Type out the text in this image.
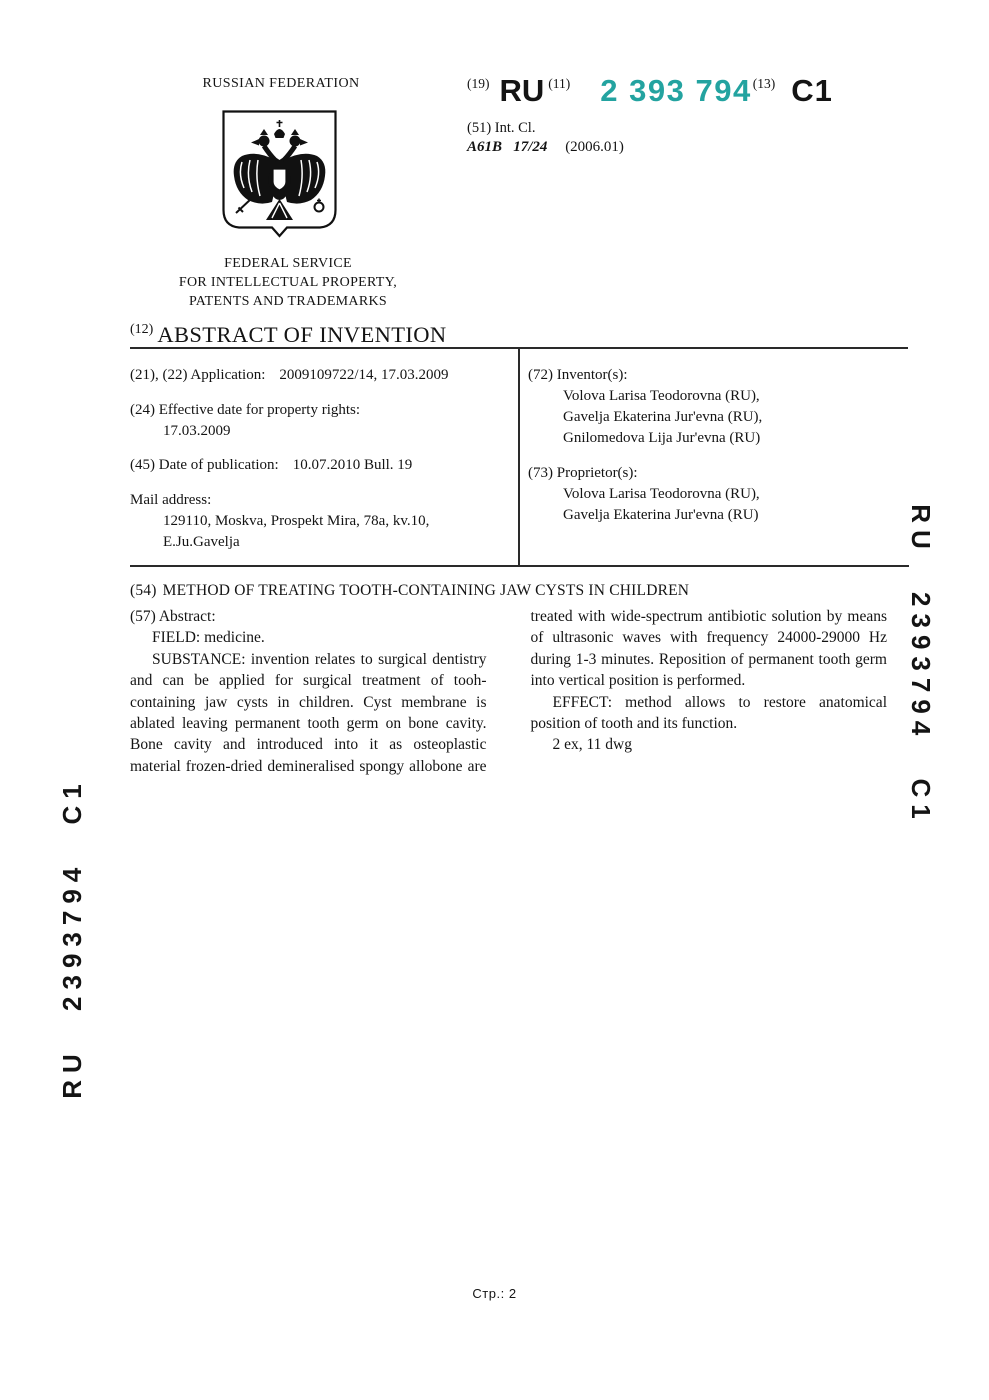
RUSSIAN FEDERATION
FEDERAL SERVICE
FOR INTELLECTUAL PROPERTY,
PATENTS AND TRADEMARKS
(19) RU (11) 2 393 794 (13) C1
(51) Int. Cl.
A61B   17/24 (2006.01)
(12) ABSTRACT OF INVENTION
(21), (22) Application: 2009109722/14, 17.03.2009
(24) Effective date for property rights:
17.03.2009
(45) Date of publication: 10.07.2010 Bull. 19
Mail address:
129110, Moskva, Prospekt Mira, 78a, kv.10,
E.Ju.Gavelja
(72) Inventor(s):
Volova Larisa Teodorovna (RU),
Gavelja Ekaterina Jur'evna (RU),
Gnilomedova Lija Jur'evna (RU)
(73) Proprietor(s):
Volova Larisa Teodorovna (RU),
Gavelja Ekaterina Jur'evna (RU)
(54) METHOD OF TREATING TOOTH-CONTAINING JAW CYSTS IN CHILDREN

(57) Abstract:

FIELD: medicine.

SUBSTANCE: invention relates to surgical dentistry and can be applied for surgical treatment of tooh-containing jaw cysts in children. Cyst membrane is ablated leaving permanent tooth germ on bone cavity. Bone cavity and introduced into it as osteoplastic material frozen-dried demineralised spongy allobone are treated with wide-spectrum antibiotic solution by means of ultrasonic waves with frequency 24000-29000 Hz during 1-3 minutes. Reposition of permanent tooth germ into vertical position is performed.

EFFECT: method allows to restore anatomical position of tooth and its function.

2 ex, 11 dwg

RU 2393794 C1
RU 2393794 C1
Стр.: 2
